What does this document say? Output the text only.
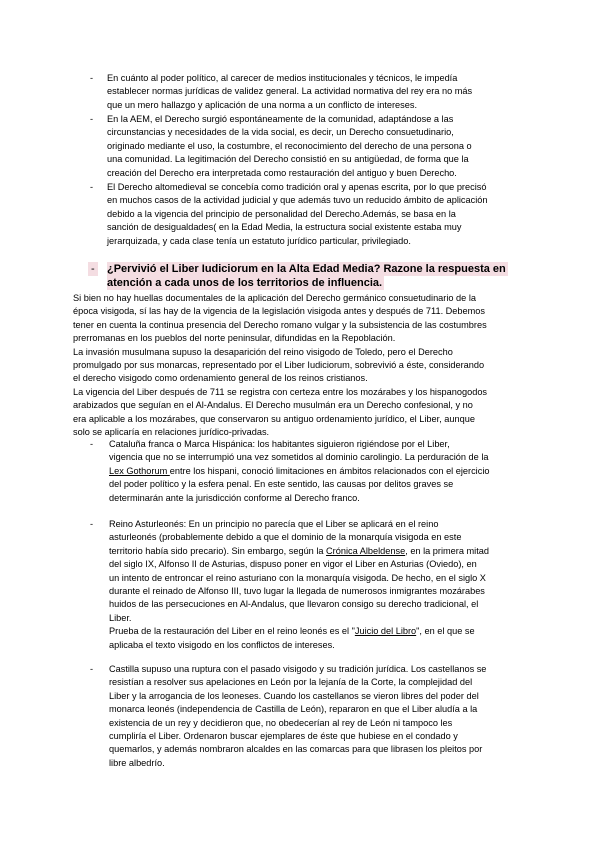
- En cuánto al poder político, al carecer de medios institucionales y técnicos, le impedía
establecer normas jurídicas de validez general. La actividad normativa del rey era no más
que un mero hallazgo y aplicación de una norma a un conflicto de intereses.
- En la AEM, el Derecho surgió espontáneamente de la comunidad, adaptándose a las
circunstancias y necesidades de la vida social, es decir, un Derecho consuetudinario,
originado mediante el uso, la costumbre, el reconocimiento del derecho de una persona o
una comunidad. La legitimación del Derecho consistió en su antigüedad, de forma que la
creación del Derecho era interpretada como restauración del antiguo y buen Derecho.
- El Derecho altomedieval se concebía como tradición oral y apenas escrita, por lo que precisó
en muchos casos de la actividad judicial y que además tuvo un reducido ámbito de aplicación
debido a la vigencia del principio de personalidad del Derecho.Además, se basa en la
sanción de desigualdades( en la Edad Media, la estructura social existente estaba muy
jerarquizada, y cada clase tenía un estatuto jurídico particular, privilegiado.
- ¿Pervivió el Liber Iudiciorum en la Alta Edad Media? Razone la respuesta en
atención a cada unos de los territorios de influencia.
Si bien no hay huellas documentales de la aplicación del Derecho germánico consuetudinario de la
época visigoda, sí las hay de la vigencia de la legislación visigoda antes y después de 711. Debemos
tener en cuenta la continua presencia del Derecho romano vulgar y la subsistencia de las costumbres
prerromanas en los pueblos del norte peninsular, difundidas en la Repoblación.
La invasión musulmana supuso la desaparición del reino visigodo de Toledo, pero el Derecho
promulgado por sus monarcas, representado por el Liber Iudiciorum, sobrevivió a éste, considerando
el derecho visigodo como ordenamiento general de los reinos cristianos.
La vigencia del Liber después de 711 se registra con certeza entre los mozárabes y los hispanogodos
arabizados que seguían en el Al-Andalus. El Derecho musulmán era un Derecho confesional, y no
era aplicable a los mozárabes, que conservaron su antiguo ordenamiento jurídico, el Liber, aunque
solo se aplicaría en relaciones jurídico-privadas.
- Cataluña franca o Marca Hispánica: los habitantes siguieron rigiéndose por el Liber,
vigencia que no se interrumpió una vez sometidos al dominio carolingio. La perduración de la
Lex Gothorum entre los hispani, conoció limitaciones en ámbitos relacionados con el ejercicio
del poder político y la esfera penal. En este sentido, las causas por delitos graves se
determinarán ante la jurisdicción conforme al Derecho franco.
- Reino Asturleonés: En un principio no parecía que el Liber se aplicará en el reino
asturleonés (probablemente debido a que el dominio de la monarquía visigoda en este
territorio había sido precario). Sin embargo, según la Crónica Albeldense, en la primera mitad
del siglo IX, Alfonso II de Asturias, dispuso poner en vigor el Liber en Asturias (Oviedo), en
un intento de entroncar el reino asturiano con la monarquía visigoda. De hecho, en el siglo X
durante el reinado de Alfonso III, tuvo lugar la llegada de numerosos inmigrantes mozárabes
huidos de las persecuciones en Al-Andalus, que llevaron consigo su derecho tradicional, el
Liber.
Prueba de la restauración del Liber en el reino leonés es el "Juicio del Libro", en el que se
aplicaba el texto visigodo en los conflictos de intereses.
- Castilla supuso una ruptura con el pasado visigodo y su tradición jurídica. Los castellanos se
resistían a resolver sus apelaciones en León por la lejanía de la Corte, la complejidad del
Liber y la arrogancia de los leoneses. Cuando los castellanos se vieron libres del poder del
monarca leonés (independencia de Castilla de León), repararon en que el Liber aludía a la
existencia de un rey y decidieron que, no obedecerían al rey de León ni tampoco les
cumpliría el Liber. Ordenaron buscar ejemplares de éste que hubiese en el condado y
quemarlos, y además nombraron alcaldes en las comarcas para que librasen los pleitos por
libre albedrío.
